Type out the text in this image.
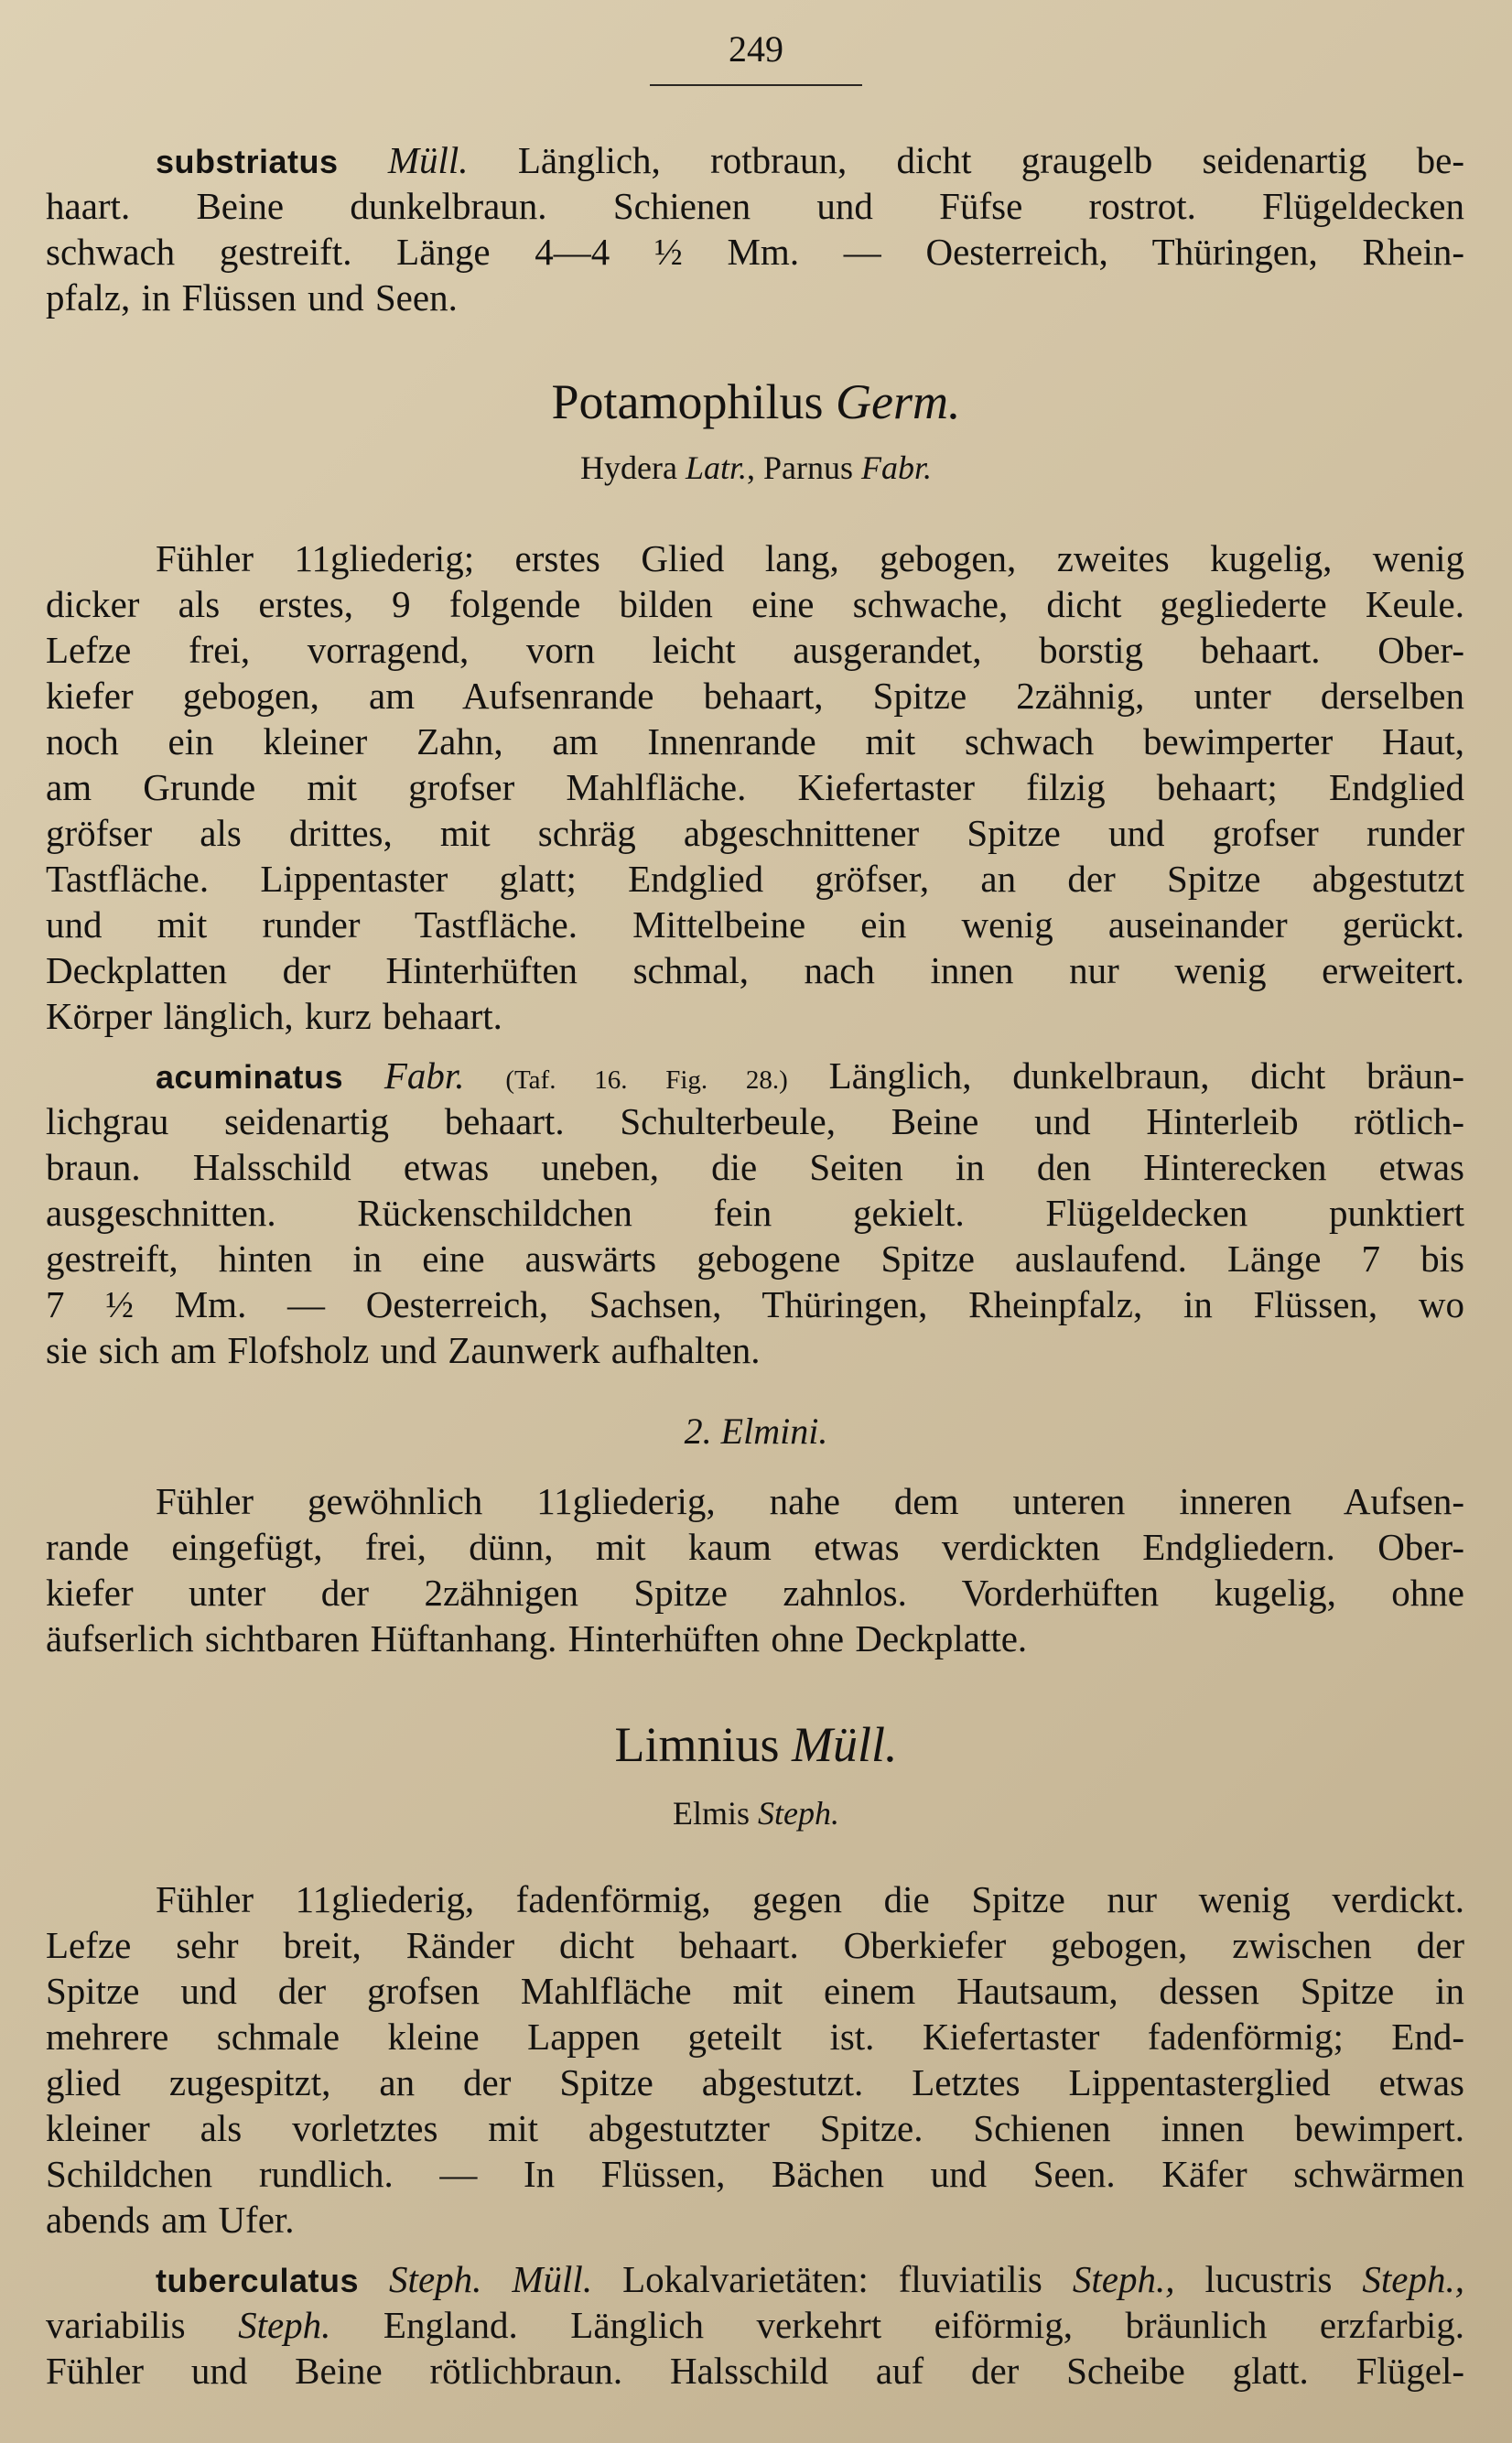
249
substriatus Müll. Länglich, rotbraun, dicht graugelb seidenartig be-
haart. Beine dunkelbraun. Schienen und Füfse rostrot. Flügeldecken
schwach gestreift. Länge 4—4 ½ Mm. — Oesterreich, Thüringen, Rhein-
pfalz, in Flüssen und Seen.
Potamophilus Germ.
Hydera Latr., Parnus Fabr.
Fühler 11gliederig; erstes Glied lang, gebogen, zweites kugelig, wenig
dicker als erstes, 9 folgende bilden eine schwache, dicht gegliederte Keule.
Lefze frei, vorragend, vorn leicht ausgerandet, borstig behaart. Ober-
kiefer gebogen, am Aufsenrande behaart, Spitze 2zähnig, unter derselben
noch ein kleiner Zahn, am Innenrande mit schwach bewimperter Haut,
am Grunde mit grofser Mahlfläche. Kiefertaster filzig behaart; Endglied
gröfser als drittes, mit schräg abgeschnittener Spitze und grofser runder
Tastfläche. Lippentaster glatt; Endglied gröfser, an der Spitze abgestutzt
und mit runder Tastfläche. Mittelbeine ein wenig auseinander gerückt.
Deckplatten der Hinterhüften schmal, nach innen nur wenig erweitert.
Körper länglich, kurz behaart.
acuminatus Fabr. (Taf. 16. Fig. 28.) Länglich, dunkelbraun, dicht bräun-
lichgrau seidenartig behaart. Schulterbeule, Beine und Hinterleib rötlich-
braun. Halsschild etwas uneben, die Seiten in den Hinterecken etwas
ausgeschnitten. Rückenschildchen fein gekielt. Flügeldecken punktiert
gestreift, hinten in eine auswärts gebogene Spitze auslaufend. Länge 7 bis
7 ½ Mm. — Oesterreich, Sachsen, Thüringen, Rheinpfalz, in Flüssen, wo
sie sich am Flofsholz und Zaunwerk aufhalten.
2. Elmini.
Fühler gewöhnlich 11gliederig, nahe dem unteren inneren Aufsen-
rande eingefügt, frei, dünn, mit kaum etwas verdickten Endgliedern. Ober-
kiefer unter der 2zähnigen Spitze zahnlos. Vorderhüften kugelig, ohne
äufserlich sichtbaren Hüftanhang. Hinterhüften ohne Deckplatte.
Limnius Müll.
Elmis Steph.
Fühler 11gliederig, fadenförmig, gegen die Spitze nur wenig verdickt.
Lefze sehr breit, Ränder dicht behaart. Oberkiefer gebogen, zwischen der
Spitze und der grofsen Mahlfläche mit einem Hautsaum, dessen Spitze in
mehrere schmale kleine Lappen geteilt ist. Kiefertaster fadenförmig; End-
glied zugespitzt, an der Spitze abgestutzt. Letztes Lippentasterglied etwas
kleiner als vorletztes mit abgestutzter Spitze. Schienen innen bewimpert.
Schildchen rundlich. — In Flüssen, Bächen und Seen. Käfer schwärmen
abends am Ufer.
tuberculatus Steph. Müll. Lokalvarietäten: fluviatilis Steph., lucustris Steph.,
variabilis Steph. England. Länglich verkehrt eiförmig, bräunlich erzfarbig.
Fühler und Beine rötlichbraun. Halsschild auf der Scheibe glatt. Flügel-
